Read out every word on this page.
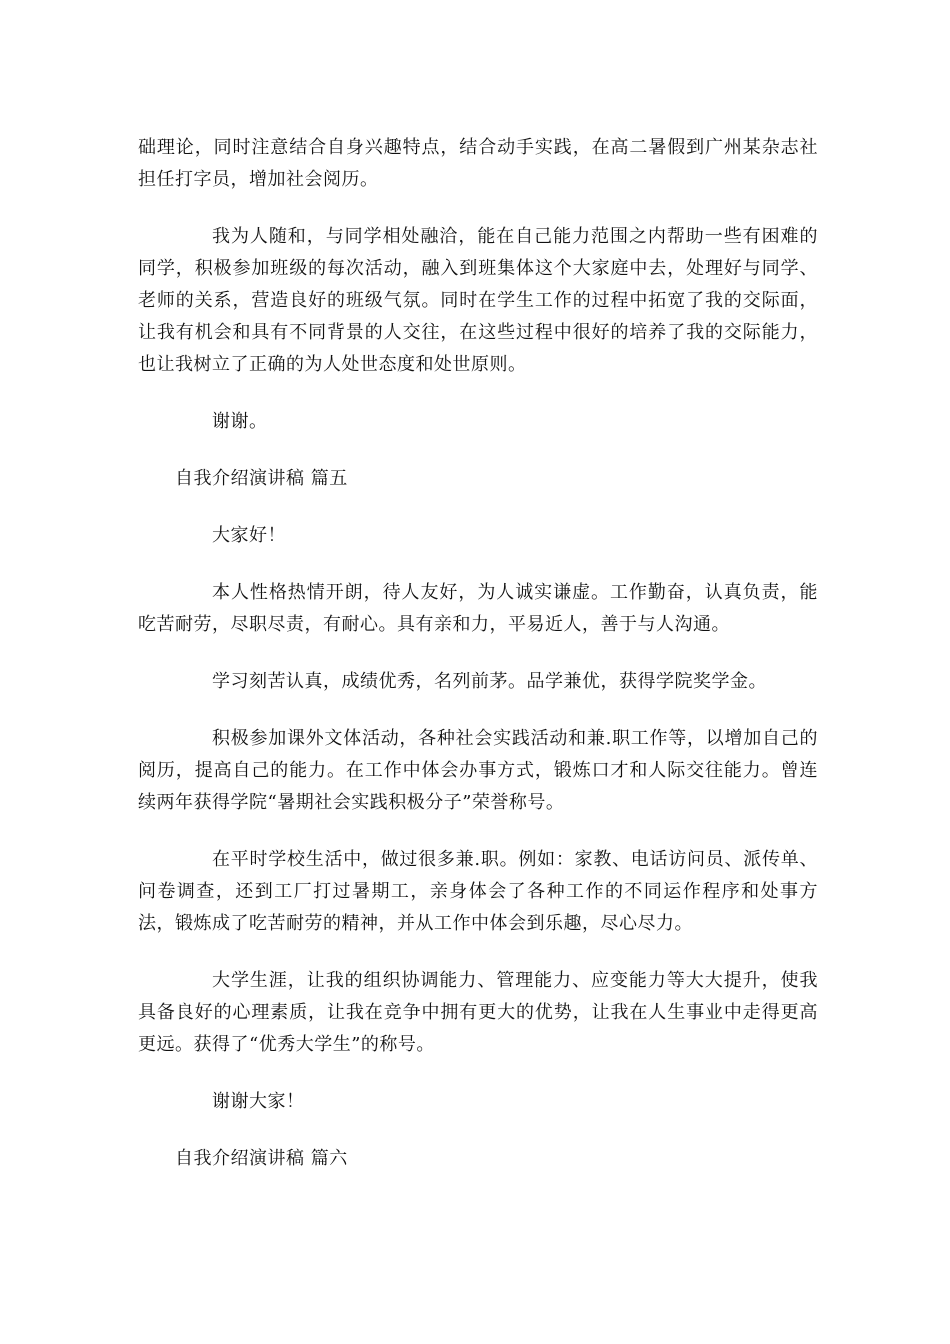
础理论，同时注意结合自身兴趣特点，结合动手实践，在高二暑假到广州某杂志社担任打字员，增加社会阅历。

我为人随和，与同学相处融洽，能在自己能力范围之内帮助一些有困难的同学，积极参加班级的每次活动，融入到班集体这个大家庭中去，处理好与同学、老师的关系，营造良好的班级气氛。同时在学生工作的过程中拓宽了我的交际面，让我有机会和具有不同背景的人交往，在这些过程中很好的培养了我的交际能力，也让我树立了正确的为人处世态度和处世原则。

谢谢。

自我介绍演讲稿 篇五

大家好！

本人性格热情开朗，待人友好，为人诚实谦虚。工作勤奋，认真负责，能吃苦耐劳，尽职尽责，有耐心。具有亲和力，平易近人，善于与人沟通。

学习刻苦认真，成绩优秀，名列前茅。品学兼优，获得学院奖学金。

积极参加课外文体活动，各种社会实践活动和兼.职工作等，以增加自己的阅历，提高自己的能力。在工作中体会办事方式，锻炼口才和人际交往能力。曾连续两年获得学院“暑期社会实践积极分子”荣誉称号。

在平时学校生活中，做过很多兼.职。例如：家教、电话访问员、派传单、问卷调查，还到工厂打过暑期工，亲身体会了各种工作的不同运作程序和处事方法，锻炼成了吃苦耐劳的精神，并从工作中体会到乐趣，尽心尽力。

大学生涯，让我的组织协调能力、管理能力、应变能力等大大提升，使我具备良好的心理素质，让我在竞争中拥有更大的优势，让我在人生事业中走得更高更远。获得了“优秀大学生”的称号。

谢谢大家！

自我介绍演讲稿 篇六
